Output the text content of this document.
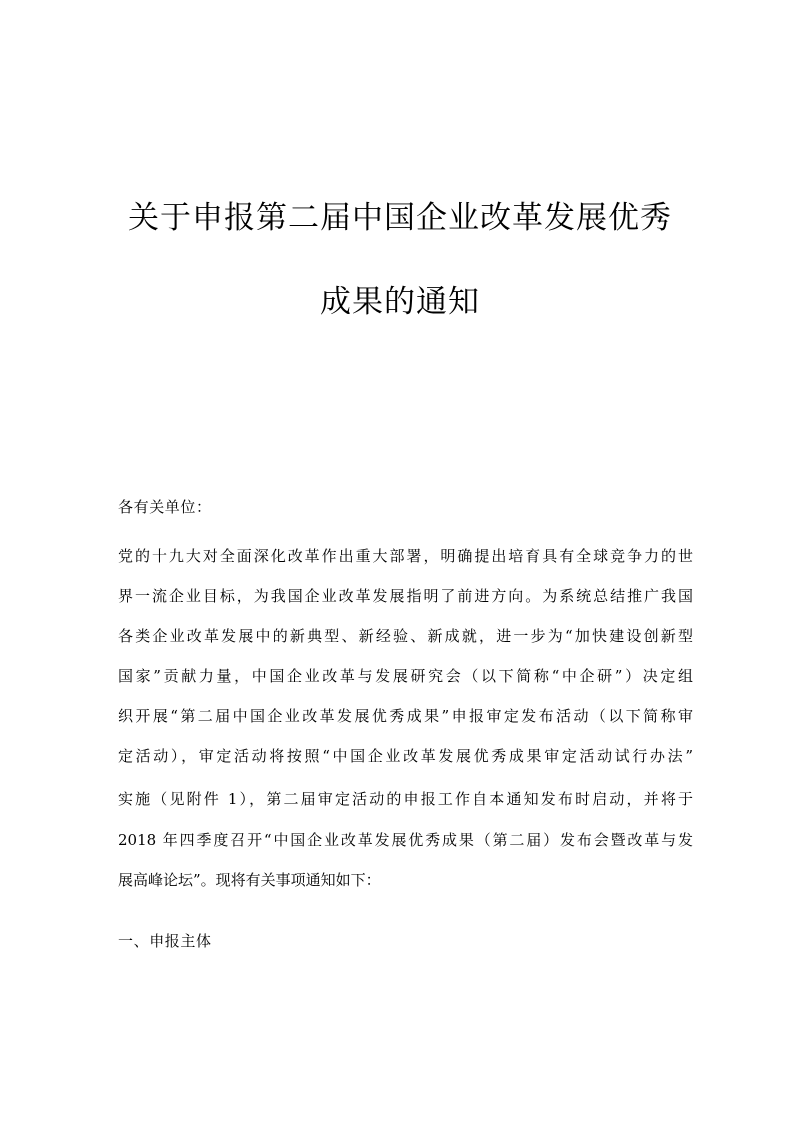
关于申报第二届中国企业改革发展优秀
成果的通知
各有关单位：
党的十九大对全面深化改革作出重大部署，明确提出培育具有全球竞争力的世
界一流企业目标，为我国企业改革发展指明了前进方向。为系统总结推广我国
各类企业改革发展中的新典型、新经验、新成就，进一步为“加快建设创新型
国家”贡献力量，中国企业改革与发展研究会（以下简称“中企研”）决定组
织开展“第二届中国企业改革发展优秀成果”申报审定发布活动（以下简称审
定活动），审定活动将按照“中国企业改革发展优秀成果审定活动试行办法”
实施（见附件 1），第二届审定活动的申报工作自本通知发布时启动，并将于
2018 年四季度召开“中国企业改革发展优秀成果（第二届）发布会暨改革与发
展高峰论坛”。现将有关事项通知如下：
一、申报主体
